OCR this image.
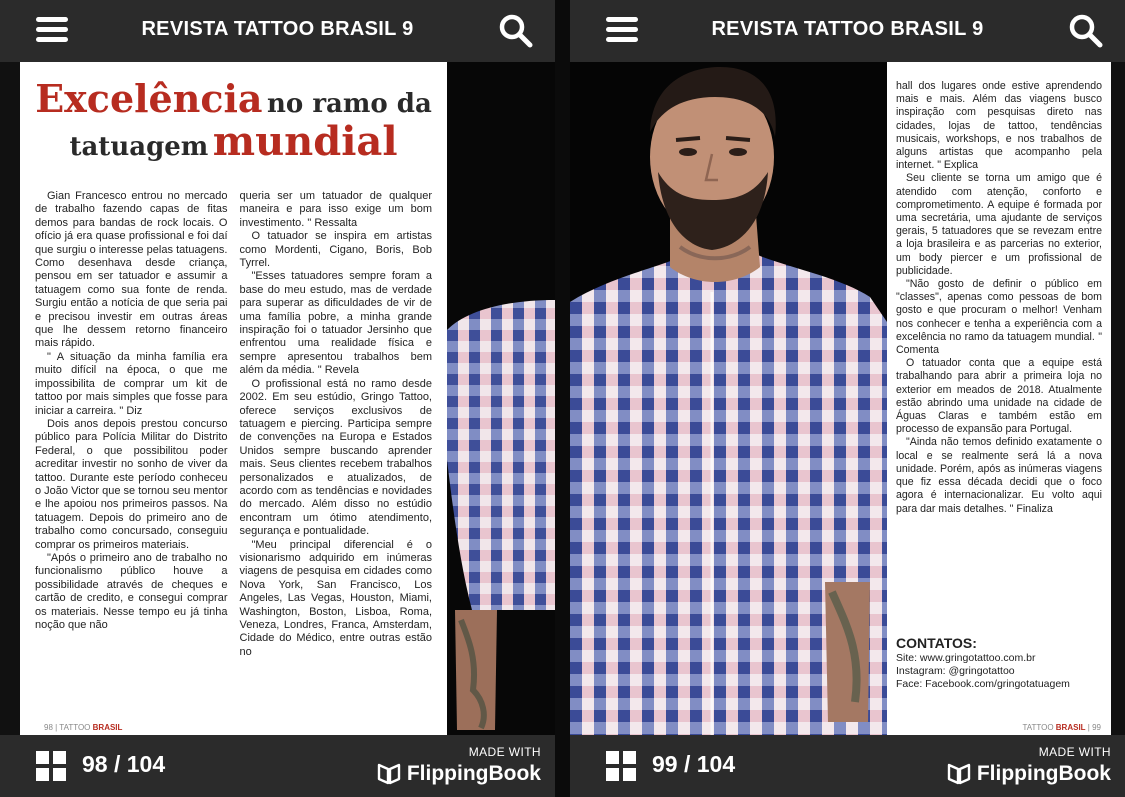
REVISTA TATTOO BRASIL 9
Excelência no ramo da
tatuagem mundial

Gian Francesco entrou no mercado de trabalho fazendo capas de fitas demos para bandas de rock locais. O ofício já era quase profissional e foi daí que surgiu o interesse pelas tatuagens. Como desenhava desde criança, pensou em ser tatuador e assumir a tatuagem como sua fonte de renda. Surgiu então a notícia de que seria pai e precisou investir em outras áreas que lhe dessem retorno financeiro mais rápido.

" A situação da minha família era muito difícil na época, o que me impossibilita de comprar um kit de tattoo por mais simples que fosse para iniciar a carreira. " Diz

Dois anos depois prestou concurso público para Polícia Militar do Distrito Federal, o que possibilitou poder acreditar investir no sonho de viver da tattoo. Durante este período conheceu o João Victor que se tornou seu mentor e lhe apoiou nos primeiros passos. Na tatuagem. Depois do primeiro ano de trabalho como concursado, conseguiu comprar os primeiros materiais.

"Após o primeiro ano de trabalho no funcionalismo público houve a possibilidade através de cheques e cartão de credito, e consegui comprar os materiais. Nesse tempo eu já tinha noção que não

queria ser um tatuador de qualquer maneira e para isso exige um bom investimento. " Ressalta

O tatuador se inspira em artistas como Mordenti, Cigano, Boris, Bob Tyrrel.

"Esses tatuadores sempre foram a base do meu estudo, mas de verdade para superar as dificuldades de vir de uma família pobre, a minha grande inspiração foi o tatuador Jersinho que enfrentou uma realidade física e sempre apresentou trabalhos bem além da média. " Revela

O profissional está no ramo desde 2002. Em seu estúdio, Gringo Tattoo, oferece serviços exclusivos de tatuagem e piercing. Participa sempre de convenções na Europa e Estados Unidos sempre buscando aprender mais. Seus clientes recebem trabalhos personalizados e atualizados, de acordo com as tendências e novidades do mercado. Além disso no estúdio encontram um ótimo atendimento, segurança e pontualidade.

"Meu principal diferencial é o visionarismo adquirido em inúmeras viagens de pesquisa em cidades como Nova York, San Francisco, Los Angeles, Las Vegas, Houston, Miami, Washington, Boston, Lisboa, Roma, Veneza, Londres, Franca, Amsterdam, Cidade do Médico, entre outras estão no

98 | TATTOO BRASIL
98 / 104	MADE WITH
FlippingBook
REVISTA TATTOO BRASIL 9

hall dos lugares onde estive aprendendo mais e mais. Além das viagens busco inspiração com pesquisas direto nas cidades, lojas de tattoo, tendências musicais, workshops, e nos trabalhos de alguns artistas que acompanho pela internet. " Explica

Seu cliente se torna um amigo que é atendido com atenção, conforto e comprometimento. A equipe é formada por uma secretária, uma ajudante de serviços gerais, 5 tatuadores que se revezam entre a loja brasileira e as parcerias no exterior, um body piercer e um profissional de publicidade.

"Não gosto de definir o público em "classes", apenas como pessoas de bom gosto e que procuram o melhor! Venham nos conhecer e tenha a experiência com a excelência no ramo da tatuagem mundial. " Comenta

O tatuador conta que a equipe está trabalhando para abrir a primeira loja no exterior em meados de 2018. Atualmente estão abrindo uma unidade na cidade de Águas Claras e também estão em processo de expansão para Portugal.

"Ainda não temos definido exatamente o local e se realmente será lá a nova unidade. Porém, após as inúmeras viagens que fiz essa década decidi que o foco agora é internacionalizar. Eu volto aqui para dar mais detalhes. " Finaliza

CONTATOS:
Site: www.gringotattoo.com.br
Instagram: @gringotattoo
Face: Facebook.com/gringotatuagem
TATTOO BRASIL | 99
99 / 104	MADE WITH
FlippingBook
